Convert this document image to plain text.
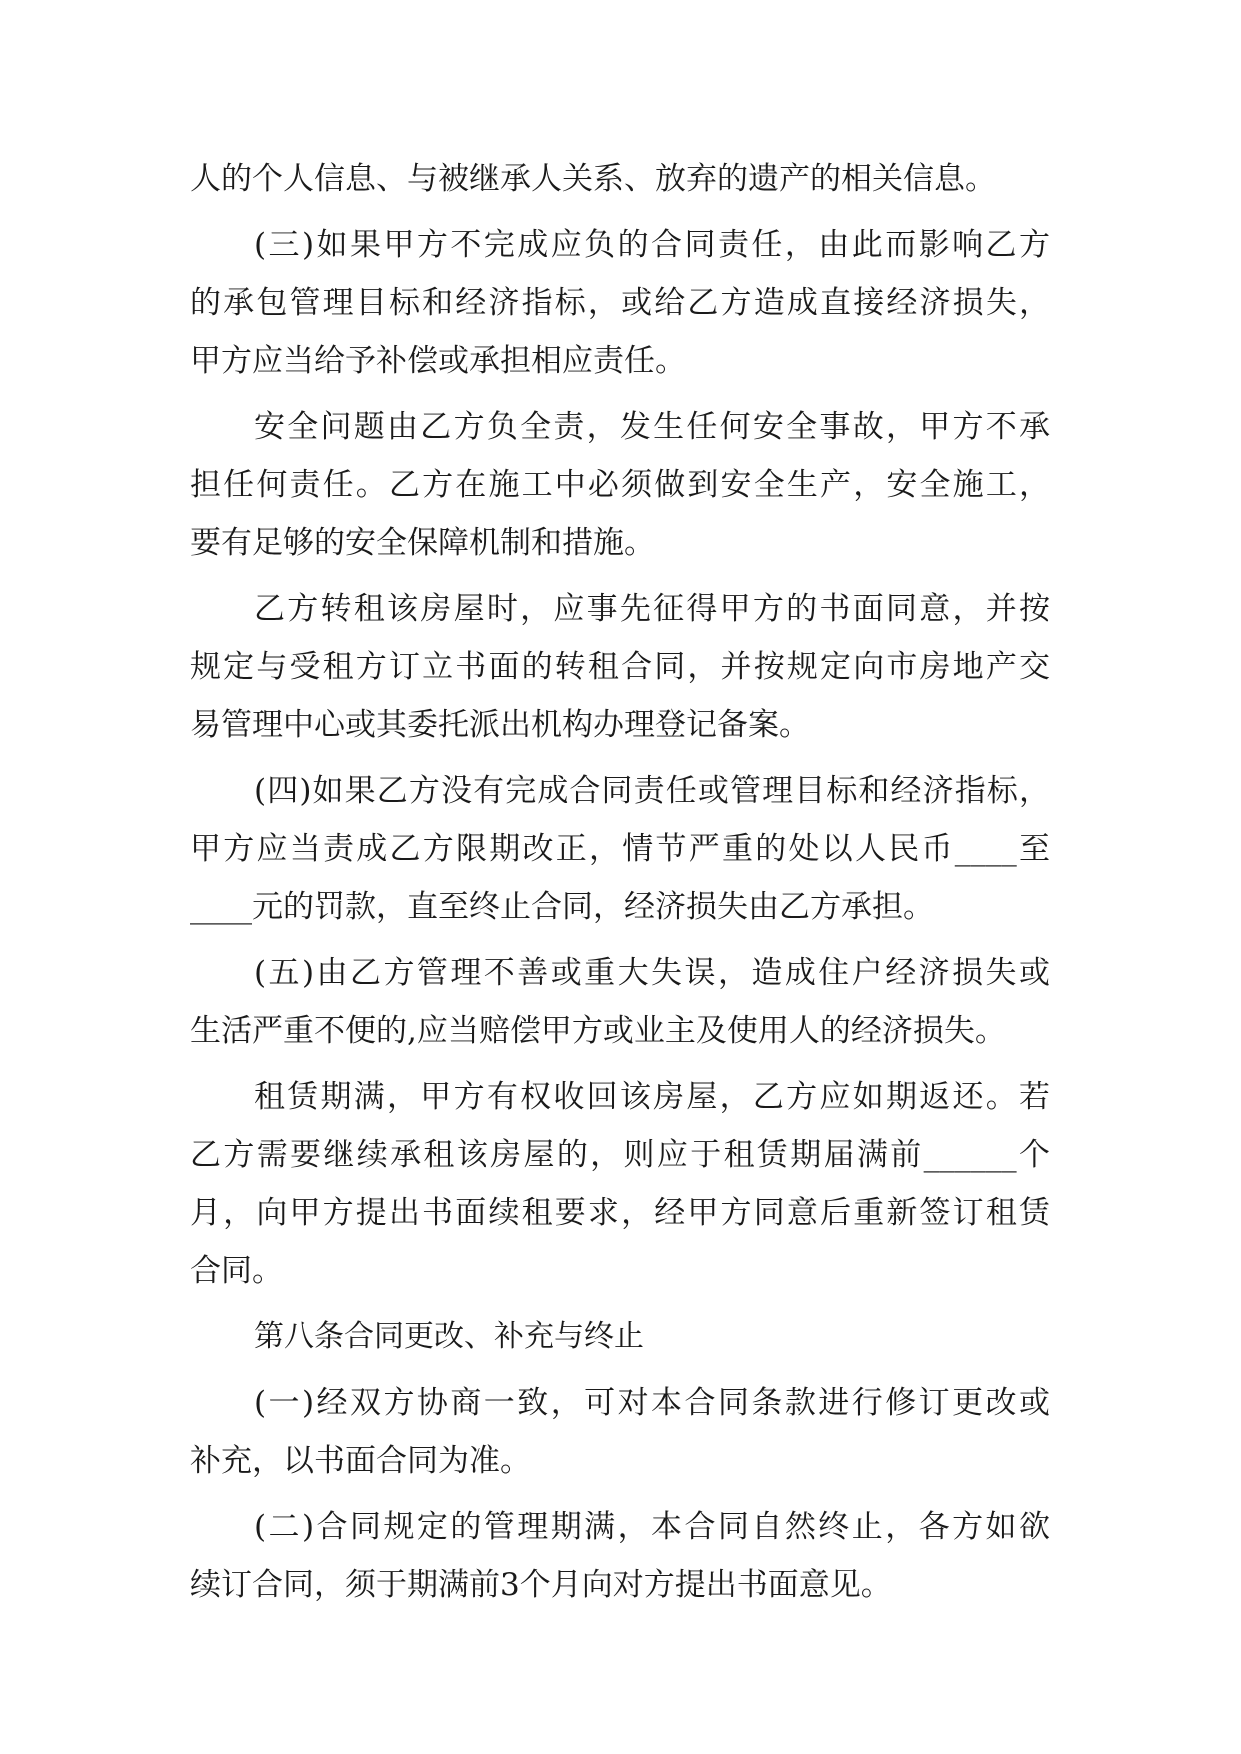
人的个人信息、与被继承人关系、放弃的遗产的相关信息。
(三)如果甲方不完成应负的合同责任，由此而影响乙方
的承包管理目标和经济指标，或给乙方造成直接经济损失，
甲方应当给予补偿或承担相应责任。
安全问题由乙方负全责，发生任何安全事故，甲方不承
担任何责任。乙方在施工中必须做到安全生产，安全施工，
要有足够的安全保障机制和措施。
乙方转租该房屋时，应事先征得甲方的书面同意，并按
规定与受租方订立书面的转租合同，并按规定向市房地产交
易管理中心或其委托派出机构办理登记备案。
(四)如果乙方没有完成合同责任或管理目标和经济指标，
甲方应当责成乙方限期改正，情节严重的处以人民币____至
____元的罚款，直至终止合同，经济损失由乙方承担。
(五)由乙方管理不善或重大失误，造成住户经济损失或
生活严重不便的,应当赔偿甲方或业主及使用人的经济损失。
租赁期满，甲方有权收回该房屋，乙方应如期返还。若
乙方需要继续承租该房屋的，则应于租赁期届满前______个
月，向甲方提出书面续租要求，经甲方同意后重新签订租赁
合同。
第八条合同更改、补充与终止
(一)经双方协商一致，可对本合同条款进行修订更改或
补充，以书面合同为准。
(二)合同规定的管理期满，本合同自然终止，各方如欲
续订合同，须于期满前3个月向对方提出书面意见。
